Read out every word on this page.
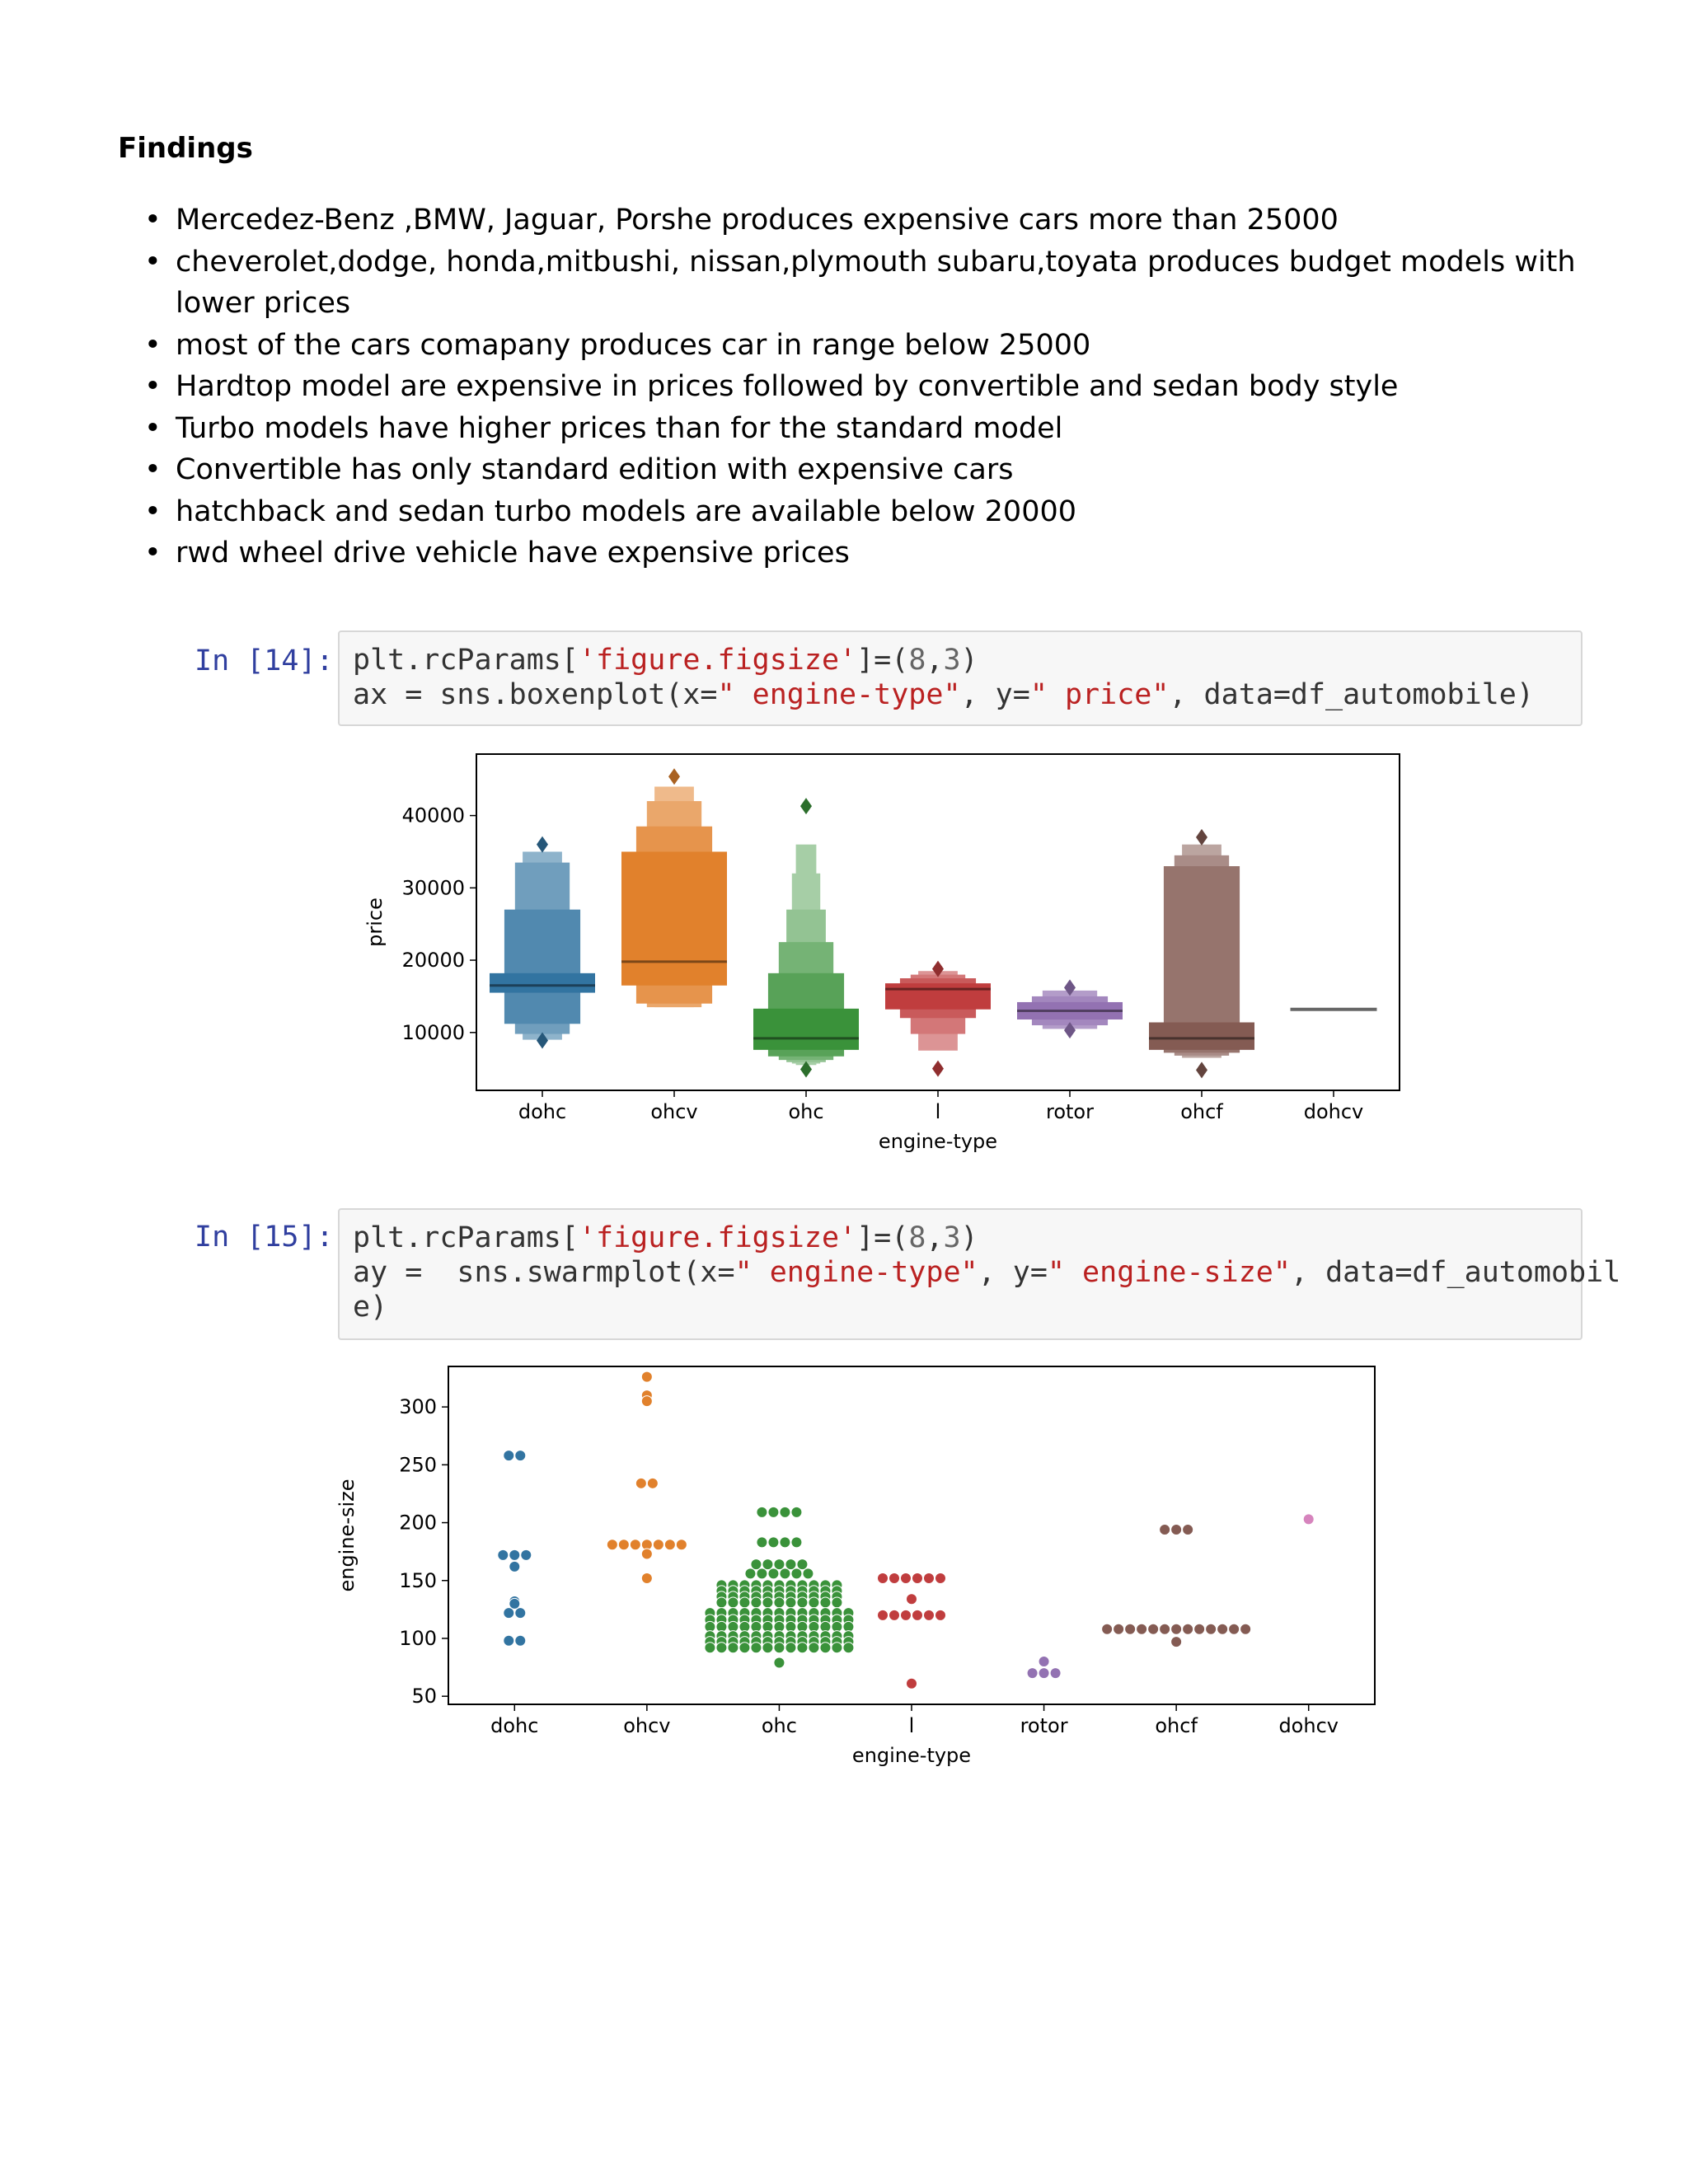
Findings
• Mercedez-Benz ,BMW, Jaguar, Porshe produces expensive cars more than 25000
• cheverolet,dodge, honda,mitbushi, nissan,plymouth subaru,toyata produces budget models with lower prices
• most of the cars comapany produces car in range below 25000
• Hardtop model are expensive in prices followed by convertible and sedan body style
• Turbo models have higher prices than for the standard model
• Convertible has only standard edition with expensive cars
• hatchback and sedan turbo models are available below 20000
• rwd wheel drive vehicle have expensive prices
In [14]: plt.rcParams['figure.figsize']=(8,3)
ax = sns.boxenplot(x=" engine-type", y=" price", data=df_automobile)
10000
20000
30000
40000
dohc	ohcv	ohc	l	rotor	ohcf	dohcv
engine-type
price
In [15]: plt.rcParams['figure.figsize']=(8,3)
ay =  sns.swarmplot(x=" engine-type", y=" engine-size", data=df_automobil
e)
50
100
150
200
250
300
dohc	ohcv	ohc	l	rotor	ohcf	dohcv
engine-type
engine-size
